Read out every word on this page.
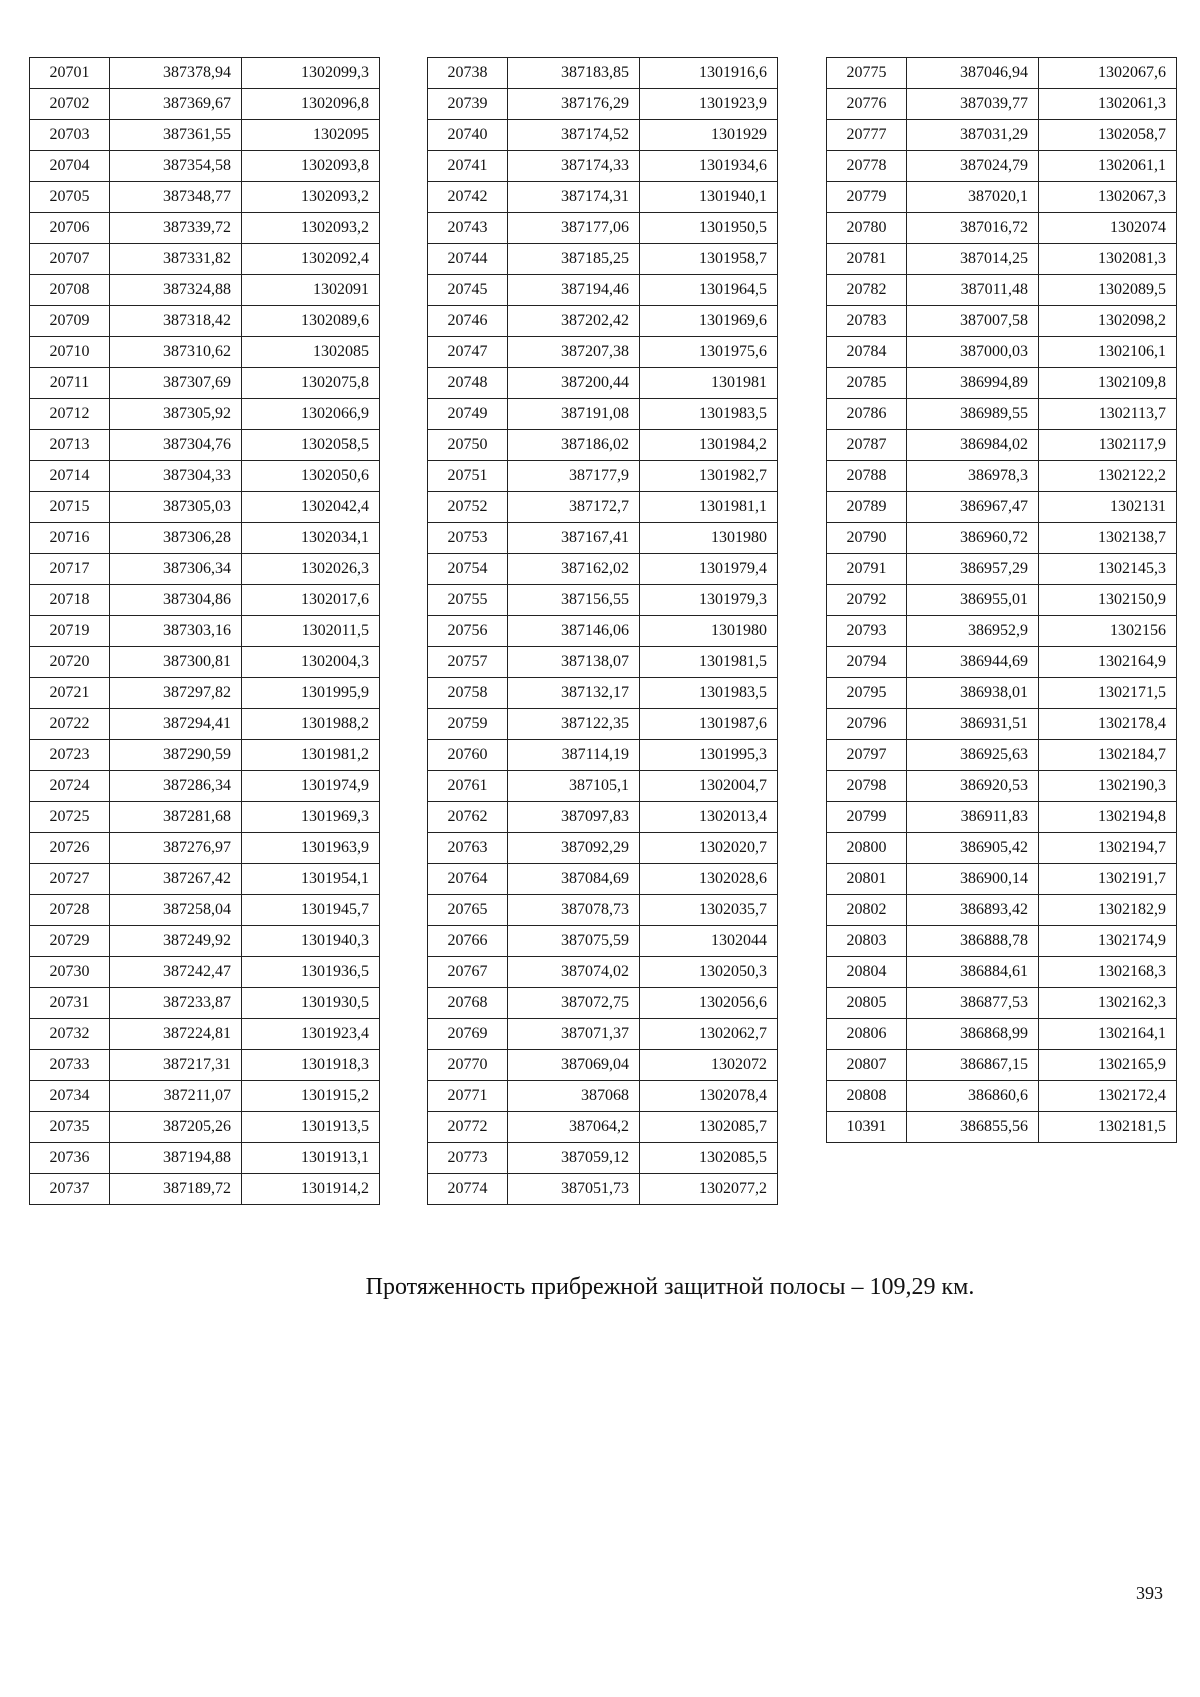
20701	387378,94	1302099,3
20702	387369,67	1302096,8
20703	387361,55	1302095
20704	387354,58	1302093,8
20705	387348,77	1302093,2
20706	387339,72	1302093,2
20707	387331,82	1302092,4
20708	387324,88	1302091
20709	387318,42	1302089,6
20710	387310,62	1302085
20711	387307,69	1302075,8
20712	387305,92	1302066,9
20713	387304,76	1302058,5
20714	387304,33	1302050,6
20715	387305,03	1302042,4
20716	387306,28	1302034,1
20717	387306,34	1302026,3
20718	387304,86	1302017,6
20719	387303,16	1302011,5
20720	387300,81	1302004,3
20721	387297,82	1301995,9
20722	387294,41	1301988,2
20723	387290,59	1301981,2
20724	387286,34	1301974,9
20725	387281,68	1301969,3
20726	387276,97	1301963,9
20727	387267,42	1301954,1
20728	387258,04	1301945,7
20729	387249,92	1301940,3
20730	387242,47	1301936,5
20731	387233,87	1301930,5
20732	387224,81	1301923,4
20733	387217,31	1301918,3
20734	387211,07	1301915,2
20735	387205,26	1301913,5
20736	387194,88	1301913,1
20737	387189,72	1301914,2
20738	387183,85	1301916,6
20739	387176,29	1301923,9
20740	387174,52	1301929
20741	387174,33	1301934,6
20742	387174,31	1301940,1
20743	387177,06	1301950,5
20744	387185,25	1301958,7
20745	387194,46	1301964,5
20746	387202,42	1301969,6
20747	387207,38	1301975,6
20748	387200,44	1301981
20749	387191,08	1301983,5
20750	387186,02	1301984,2
20751	387177,9	1301982,7
20752	387172,7	1301981,1
20753	387167,41	1301980
20754	387162,02	1301979,4
20755	387156,55	1301979,3
20756	387146,06	1301980
20757	387138,07	1301981,5
20758	387132,17	1301983,5
20759	387122,35	1301987,6
20760	387114,19	1301995,3
20761	387105,1	1302004,7
20762	387097,83	1302013,4
20763	387092,29	1302020,7
20764	387084,69	1302028,6
20765	387078,73	1302035,7
20766	387075,59	1302044
20767	387074,02	1302050,3
20768	387072,75	1302056,6
20769	387071,37	1302062,7
20770	387069,04	1302072
20771	387068	1302078,4
20772	387064,2	1302085,7
20773	387059,12	1302085,5
20774	387051,73	1302077,2
20775	387046,94	1302067,6
20776	387039,77	1302061,3
20777	387031,29	1302058,7
20778	387024,79	1302061,1
20779	387020,1	1302067,3
20780	387016,72	1302074
20781	387014,25	1302081,3
20782	387011,48	1302089,5
20783	387007,58	1302098,2
20784	387000,03	1302106,1
20785	386994,89	1302109,8
20786	386989,55	1302113,7
20787	386984,02	1302117,9
20788	386978,3	1302122,2
20789	386967,47	1302131
20790	386960,72	1302138,7
20791	386957,29	1302145,3
20792	386955,01	1302150,9
20793	386952,9	1302156
20794	386944,69	1302164,9
20795	386938,01	1302171,5
20796	386931,51	1302178,4
20797	386925,63	1302184,7
20798	386920,53	1302190,3
20799	386911,83	1302194,8
20800	386905,42	1302194,7
20801	386900,14	1302191,7
20802	386893,42	1302182,9
20803	386888,78	1302174,9
20804	386884,61	1302168,3
20805	386877,53	1302162,3
20806	386868,99	1302164,1
20807	386867,15	1302165,9
20808	386860,6	1302172,4
10391	386855,56	1302181,5
Протяженность прибрежной защитной полосы – 109,29 км.
393
